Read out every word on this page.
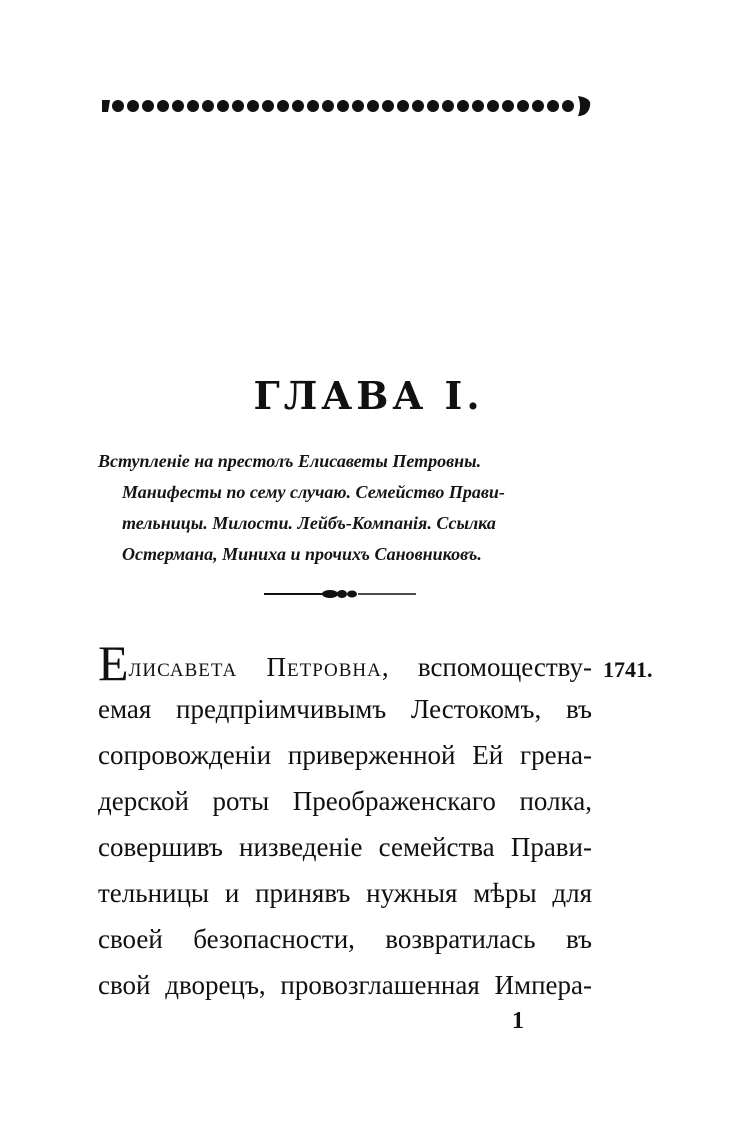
ГЛАВА I.
Вступленіе на престолъ Елисаветы Петровны.
Манифесты по сему случаю. Семейство Прави-
тельницы. Милости. Лейбъ-Компанія. Ссылка
Остермана, Миниха и прочихъ Сановниковъ.
1741.
Елисавета Петровна, вспомоществу-
емая предпріимчивымъ Лестокомъ, въ
сопровожденіи приверженной Ей грена-
дерской роты Преображенскаго полка,
совершивъ низведеніе семейства Прави-
тельницы и принявъ нужныя мѣры для
своей безопасности, возвратилась въ
свой дворецъ, провозглашенная Импера-
1
